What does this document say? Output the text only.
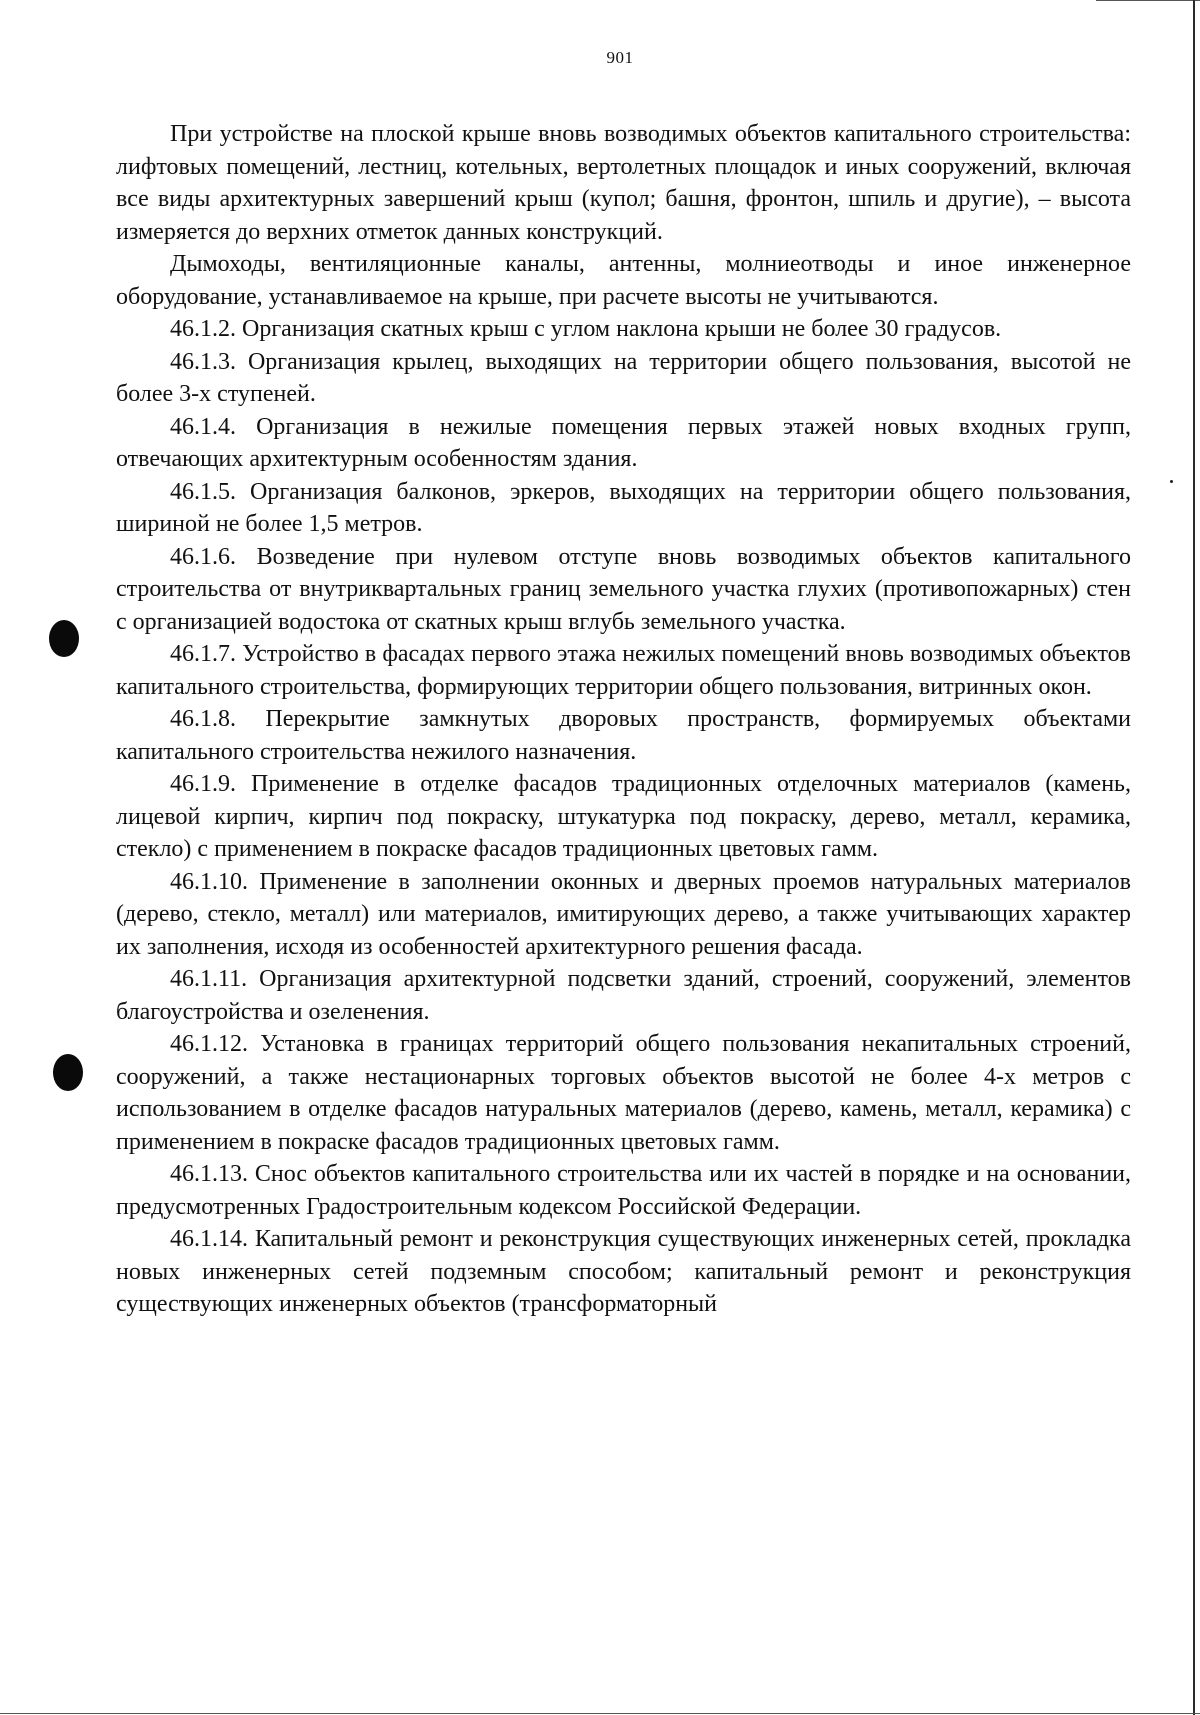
901

При устройстве на плоской крыше вновь возводимых объектов капитального строительства: лифтовых помещений, лестниц, котельных, вертолетных площадок и иных сооружений, включая все виды архитектурных завершений крыш (купол; башня, фронтон, шпиль и другие), – высота измеряется до верхних отметок данных конструкций.

Дымоходы, вентиляционные каналы, антенны, молниеотводы и иное инженерное оборудование, устанавливаемое на крыше, при расчете высоты не учитываются.

46.1.2. Организация скатных крыш с углом наклона крыши не более 30 градусов.

46.1.3. Организация крылец, выходящих на территории общего пользования, высотой не более 3-х ступеней.

46.1.4. Организация в нежилые помещения первых этажей новых входных групп, отвечающих архитектурным особенностям здания.

46.1.5. Организация балконов, эркеров, выходящих на территории общего пользования, шириной не более 1,5 метров.

46.1.6. Возведение при нулевом отступе вновь возводимых объектов капитального строительства от внутриквартальных границ земельного участка глухих (противопожарных) стен с организацией водостока от скатных крыш вглубь земельного участка.

46.1.7. Устройство в фасадах первого этажа нежилых помещений вновь возводимых объектов капитального строительства, формирующих территории общего пользования, витринных окон.

46.1.8. Перекрытие замкнутых дворовых пространств, формируемых объектами капитального строительства нежилого назначения.

46.1.9. Применение в отделке фасадов традиционных отделочных материалов (камень, лицевой кирпич, кирпич под покраску, штукатурка под покраску, дерево, металл, керамика, стекло) с применением в покраске фасадов традиционных цветовых гамм.

46.1.10. Применение в заполнении оконных и дверных проемов натуральных материалов (дерево, стекло, металл) или материалов, имитирующих дерево, а также учитывающих характер их заполнения, исходя из особенностей архитектурного решения фасада.

46.1.11. Организация архитектурной подсветки зданий, строений, сооружений, элементов благоустройства и озеленения.

46.1.12. Установка в границах территорий общего пользования некапитальных строений, сооружений, а также нестационарных торговых объектов высотой не более 4-х метров с использованием в отделке фасадов натуральных материалов (дерево, камень, металл, керамика) с применением в покраске фасадов традиционных цветовых гамм.

46.1.13. Снос объектов капитального строительства или их частей в порядке и на основании, предусмотренных Градостроительным кодексом Российской Федерации.

46.1.14. Капитальный ремонт и реконструкция существующих инженерных сетей, прокладка новых инженерных сетей подземным способом; капитальный ремонт и реконструкция существующих инженерных объектов (трансформаторный
